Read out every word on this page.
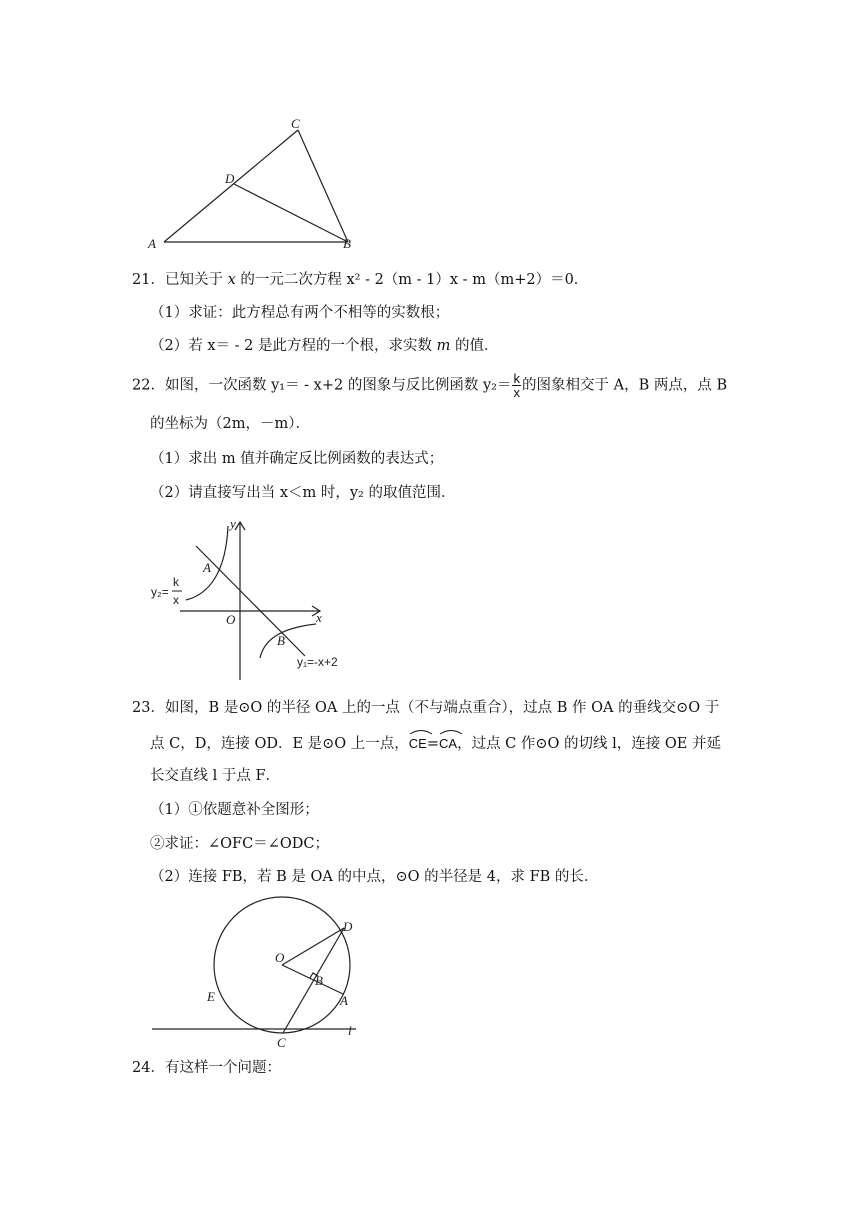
A	B
C
D
21．已知关于 x 的一元二次方程 x² - 2（m - 1）x - m（m+2）＝0．
（1）求证：此方程总有两个不相等的实数根；
（2）若 x＝ - 2 是此方程的一个根，求实数 m 的值．
22．如图，一次函数 y₁＝ - x+2 的图象与反比例函数 $y_2= \frac{k}{x}$ 的图象相交于 A，B 两点，点 B
的坐标为（2m，－m）．
（1）求出 m 值并确定反比例函数的表达式；
（2）请直接写出当 x＜m 时，y₂ 的取值范围．
y
x
O
A
B
y₂=
k
x
y₁=-x+2
23．如图，B 是⊙O 的半径 OA 上的一点（不与端点重合），过点 B 作 OA 的垂线交⊙O 于
点 C，D，连接 OD．E 是⊙O 上一点，
CE=
CA，过点 C 作⊙O 的切线 l，连接 OE 并延
长交直线 l 于点 F．
（1）①依题意补全图形；
②求证：∠OFC＝∠ODC；
（2）连接 FB，若 B 是 OA 的中点，⊙O 的半径是 4，求 FB 的长．
O
D
B
A
E
C
l
24．有这样一个问题：
